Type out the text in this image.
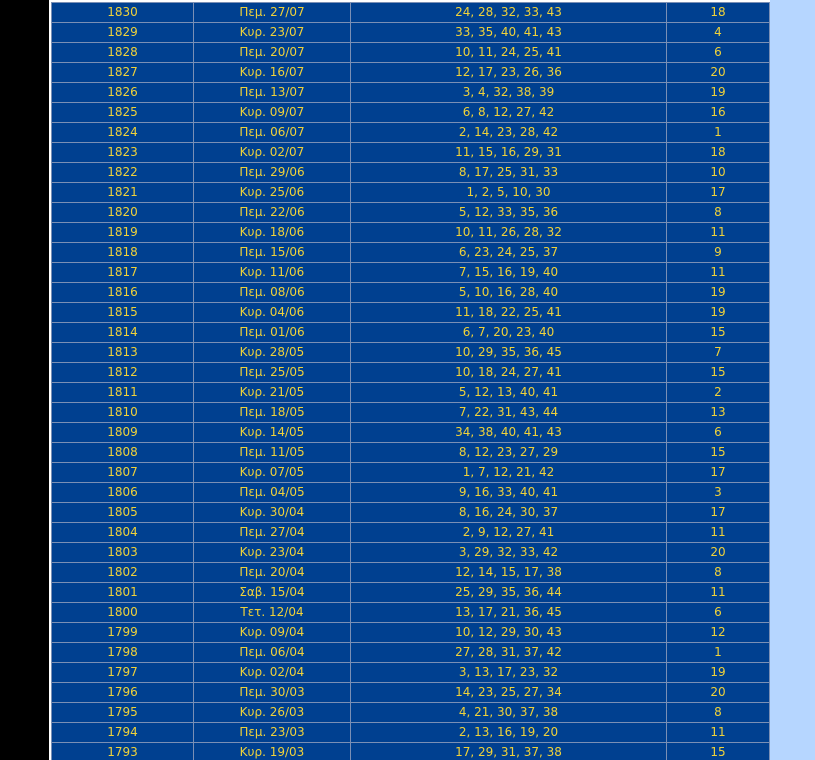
1830	Πεμ. 27/07	24, 28, 32, 33, 43	18
1829	Κυρ. 23/07	33, 35, 40, 41, 43	4
1828	Πεμ. 20/07	10, 11, 24, 25, 41	6
1827	Κυρ. 16/07	12, 17, 23, 26, 36	20
1826	Πεμ. 13/07	3, 4, 32, 38, 39	19
1825	Κυρ. 09/07	6, 8, 12, 27, 42	16
1824	Πεμ. 06/07	2, 14, 23, 28, 42	1
1823	Κυρ. 02/07	11, 15, 16, 29, 31	18
1822	Πεμ. 29/06	8, 17, 25, 31, 33	10
1821	Κυρ. 25/06	1, 2, 5, 10, 30	17
1820	Πεμ. 22/06	5, 12, 33, 35, 36	8
1819	Κυρ. 18/06	10, 11, 26, 28, 32	11
1818	Πεμ. 15/06	6, 23, 24, 25, 37	9
1817	Κυρ. 11/06	7, 15, 16, 19, 40	11
1816	Πεμ. 08/06	5, 10, 16, 28, 40	19
1815	Κυρ. 04/06	11, 18, 22, 25, 41	19
1814	Πεμ. 01/06	6, 7, 20, 23, 40	15
1813	Κυρ. 28/05	10, 29, 35, 36, 45	7
1812	Πεμ. 25/05	10, 18, 24, 27, 41	15
1811	Κυρ. 21/05	5, 12, 13, 40, 41	2
1810	Πεμ. 18/05	7, 22, 31, 43, 44	13
1809	Κυρ. 14/05	34, 38, 40, 41, 43	6
1808	Πεμ. 11/05	8, 12, 23, 27, 29	15
1807	Κυρ. 07/05	1, 7, 12, 21, 42	17
1806	Πεμ. 04/05	9, 16, 33, 40, 41	3
1805	Κυρ. 30/04	8, 16, 24, 30, 37	17
1804	Πεμ. 27/04	2, 9, 12, 27, 41	11
1803	Κυρ. 23/04	3, 29, 32, 33, 42	20
1802	Πεμ. 20/04	12, 14, 15, 17, 38	8
1801	Σαβ. 15/04	25, 29, 35, 36, 44	11
1800	Τετ. 12/04	13, 17, 21, 36, 45	6
1799	Κυρ. 09/04	10, 12, 29, 30, 43	12
1798	Πεμ. 06/04	27, 28, 31, 37, 42	1
1797	Κυρ. 02/04	3, 13, 17, 23, 32	19
1796	Πεμ. 30/03	14, 23, 25, 27, 34	20
1795	Κυρ. 26/03	4, 21, 30, 37, 38	8
1794	Πεμ. 23/03	2, 13, 16, 19, 20	11
1793	Κυρ. 19/03	17, 29, 31, 37, 38	15
